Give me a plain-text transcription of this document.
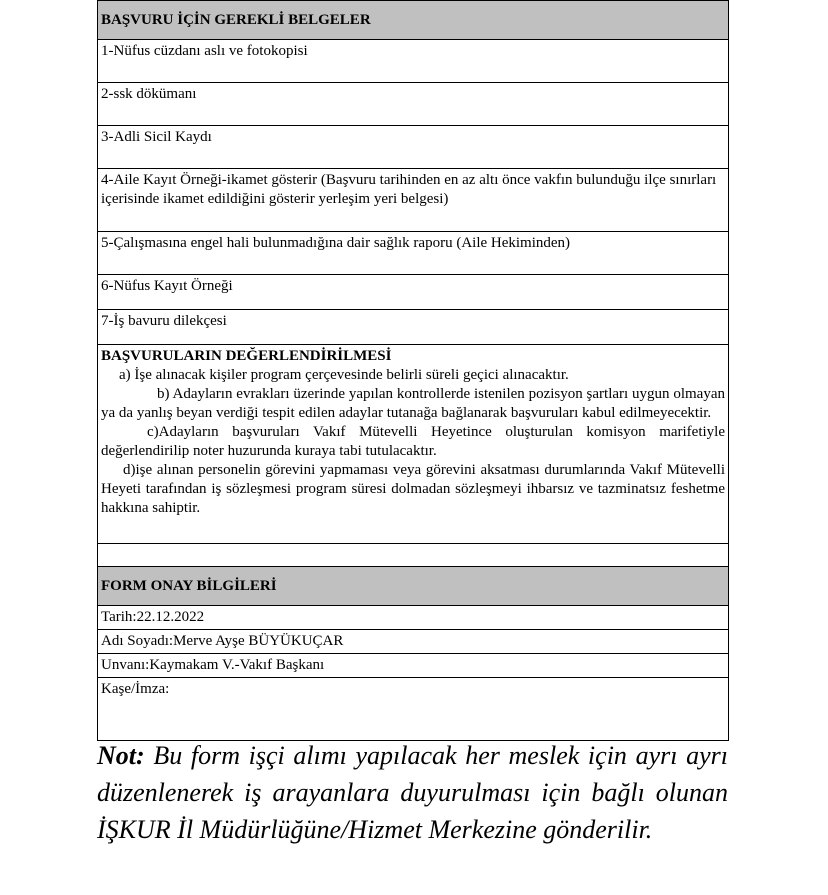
BAŞVURU İÇİN GEREKLİ BELGELER
1-Nüfus cüzdanı aslı ve fotokopisi
2-ssk dökümanı
3-Adli Sicil Kaydı
4-Aile Kayıt Örneği-ikamet gösterir (Başvuru tarihinden en az altı önce vakfın bulunduğu ilçe sınırları içerisinde ikamet edildiğini gösterir yerleşim yeri belgesi)
5-Çalışmasına engel hali bulunmadığına dair sağlık raporu (Aile Hekiminden)
6-Nüfus Kayıt Örneği
7-İş bavuru dilekçesi

BAŞVURULARIN DEĞERLENDİRİLMESİ
a) İşe alınacak kişiler program çerçevesinde belirli süreli geçici alınacaktır.
b) Adayların evrakları üzerinde yapılan kontrollerde istenilen pozisyon şartları uygun olmayan ya da yanlış beyan verdiği tespit edilen adaylar tutanağa bağlanarak başvuruları kabul edilmeyecektir.
c)Adayların başvuruları Vakıf Mütevelli Heyetince oluşturulan komisyon marifetiyle değerlendirilip noter huzurunda kuraya tabi tutulacaktır.
d)işe alınan personelin görevini yapmaması veya görevini aksatması durumlarında Vakıf Mütevelli Heyeti tarafından iş sözleşmesi program süresi dolmadan sözleşmeyi ihbarsız ve tazminatsız feshetme hakkına sahiptir.

FORM ONAY BİLGİLERİ
Tarih:22.12.2022
Adı Soyadı:Merve Ayşe BÜYÜKUÇAR
Unvanı:Kaymakam V.-Vakıf Başkanı
Kaşe/İmza:
Not: Bu form işçi alımı yapılacak her meslek için ayrı ayrı düzenlenerek iş arayanlara duyurulması için bağlı olunan İŞKUR İl Müdürlüğüne/Hizmet Merkezine gönderilir.
